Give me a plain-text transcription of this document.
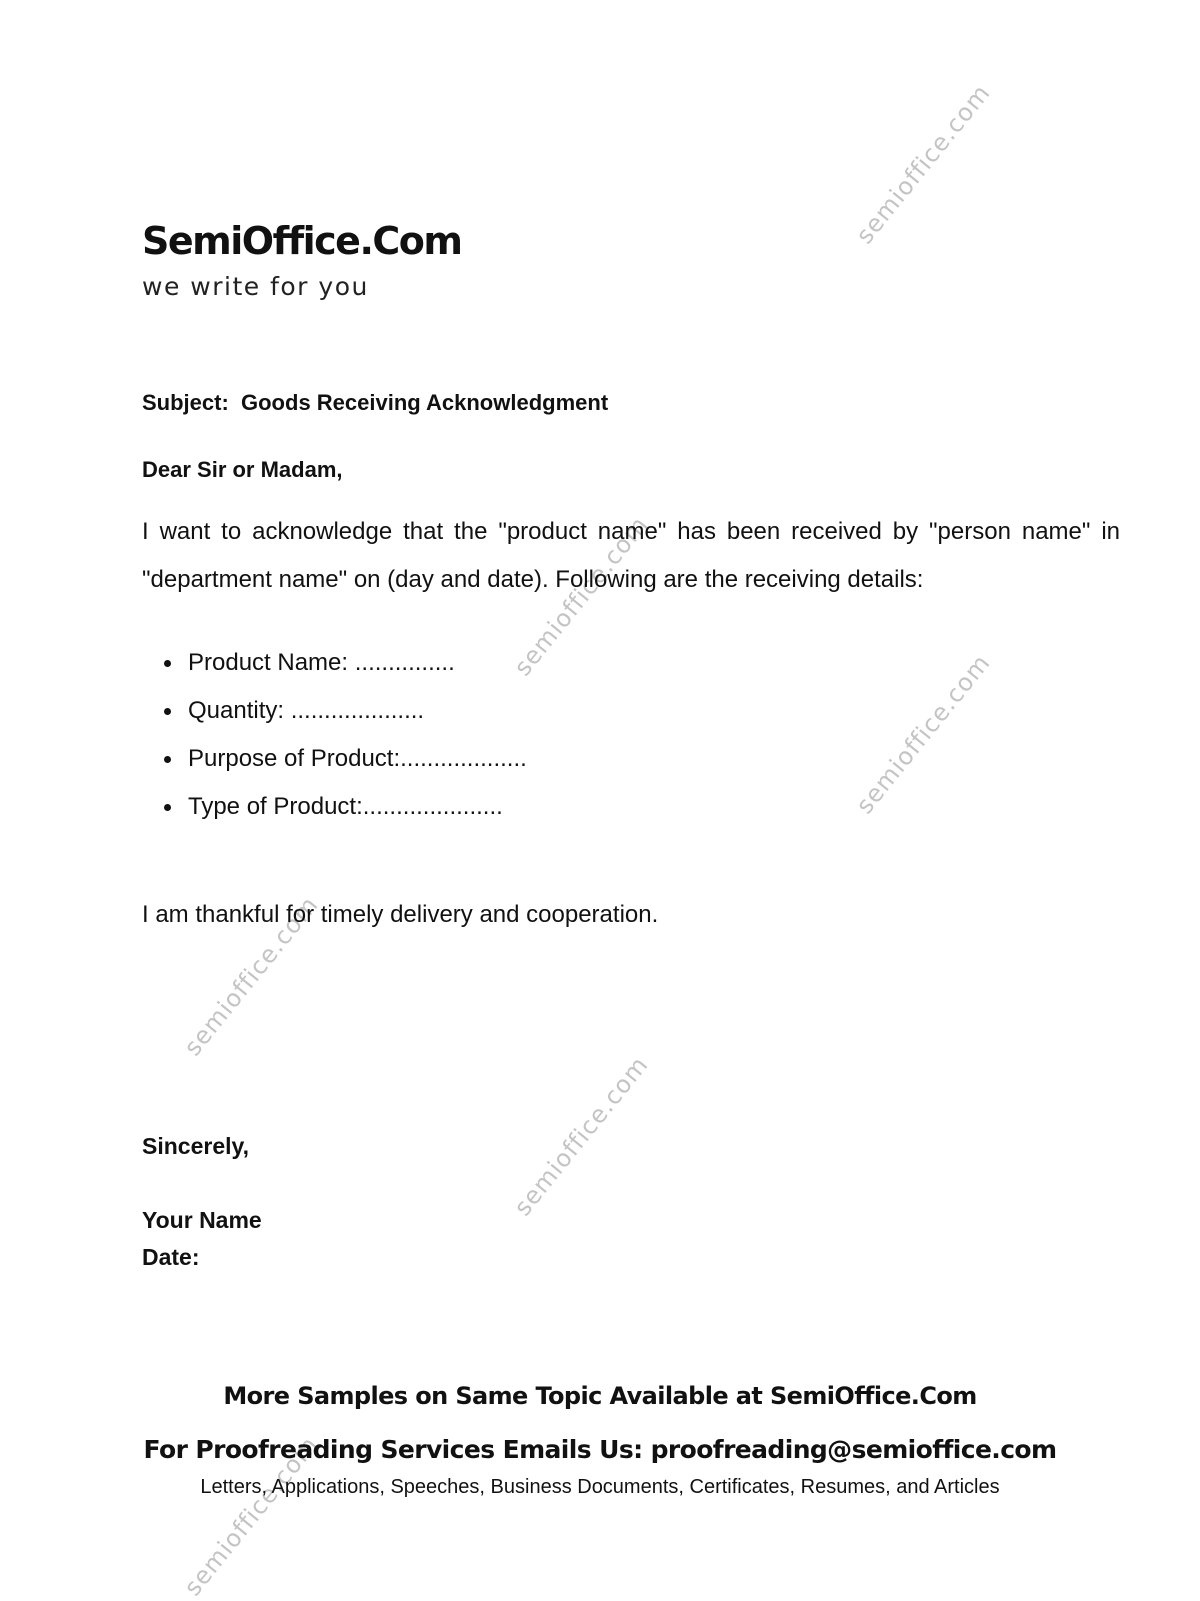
semioffice.com
semioffice.com
semioffice.com
semioffice.com
semioffice.com
semioffice.com
SemiOffice.Com
we write for you
Subject:  Goods Receiving Acknowledgment
Dear Sir or Madam,
I want to acknowledge that the "product name" has been received by "person name" in "department name" on (day and date). Following are the receiving details:
Product Name: ...............
Quantity: ....................
Purpose of Product:...................
Type of Product:.....................
I am thankful for timely delivery and cooperation.
Sincerely,
Your Name
Date:
More Samples on Same Topic Available at SemiOffice.Com
For Proofreading Services Emails Us: proofreading@semioffice.com
Letters, Applications, Speeches, Business Documents, Certificates, Resumes, and Articles
